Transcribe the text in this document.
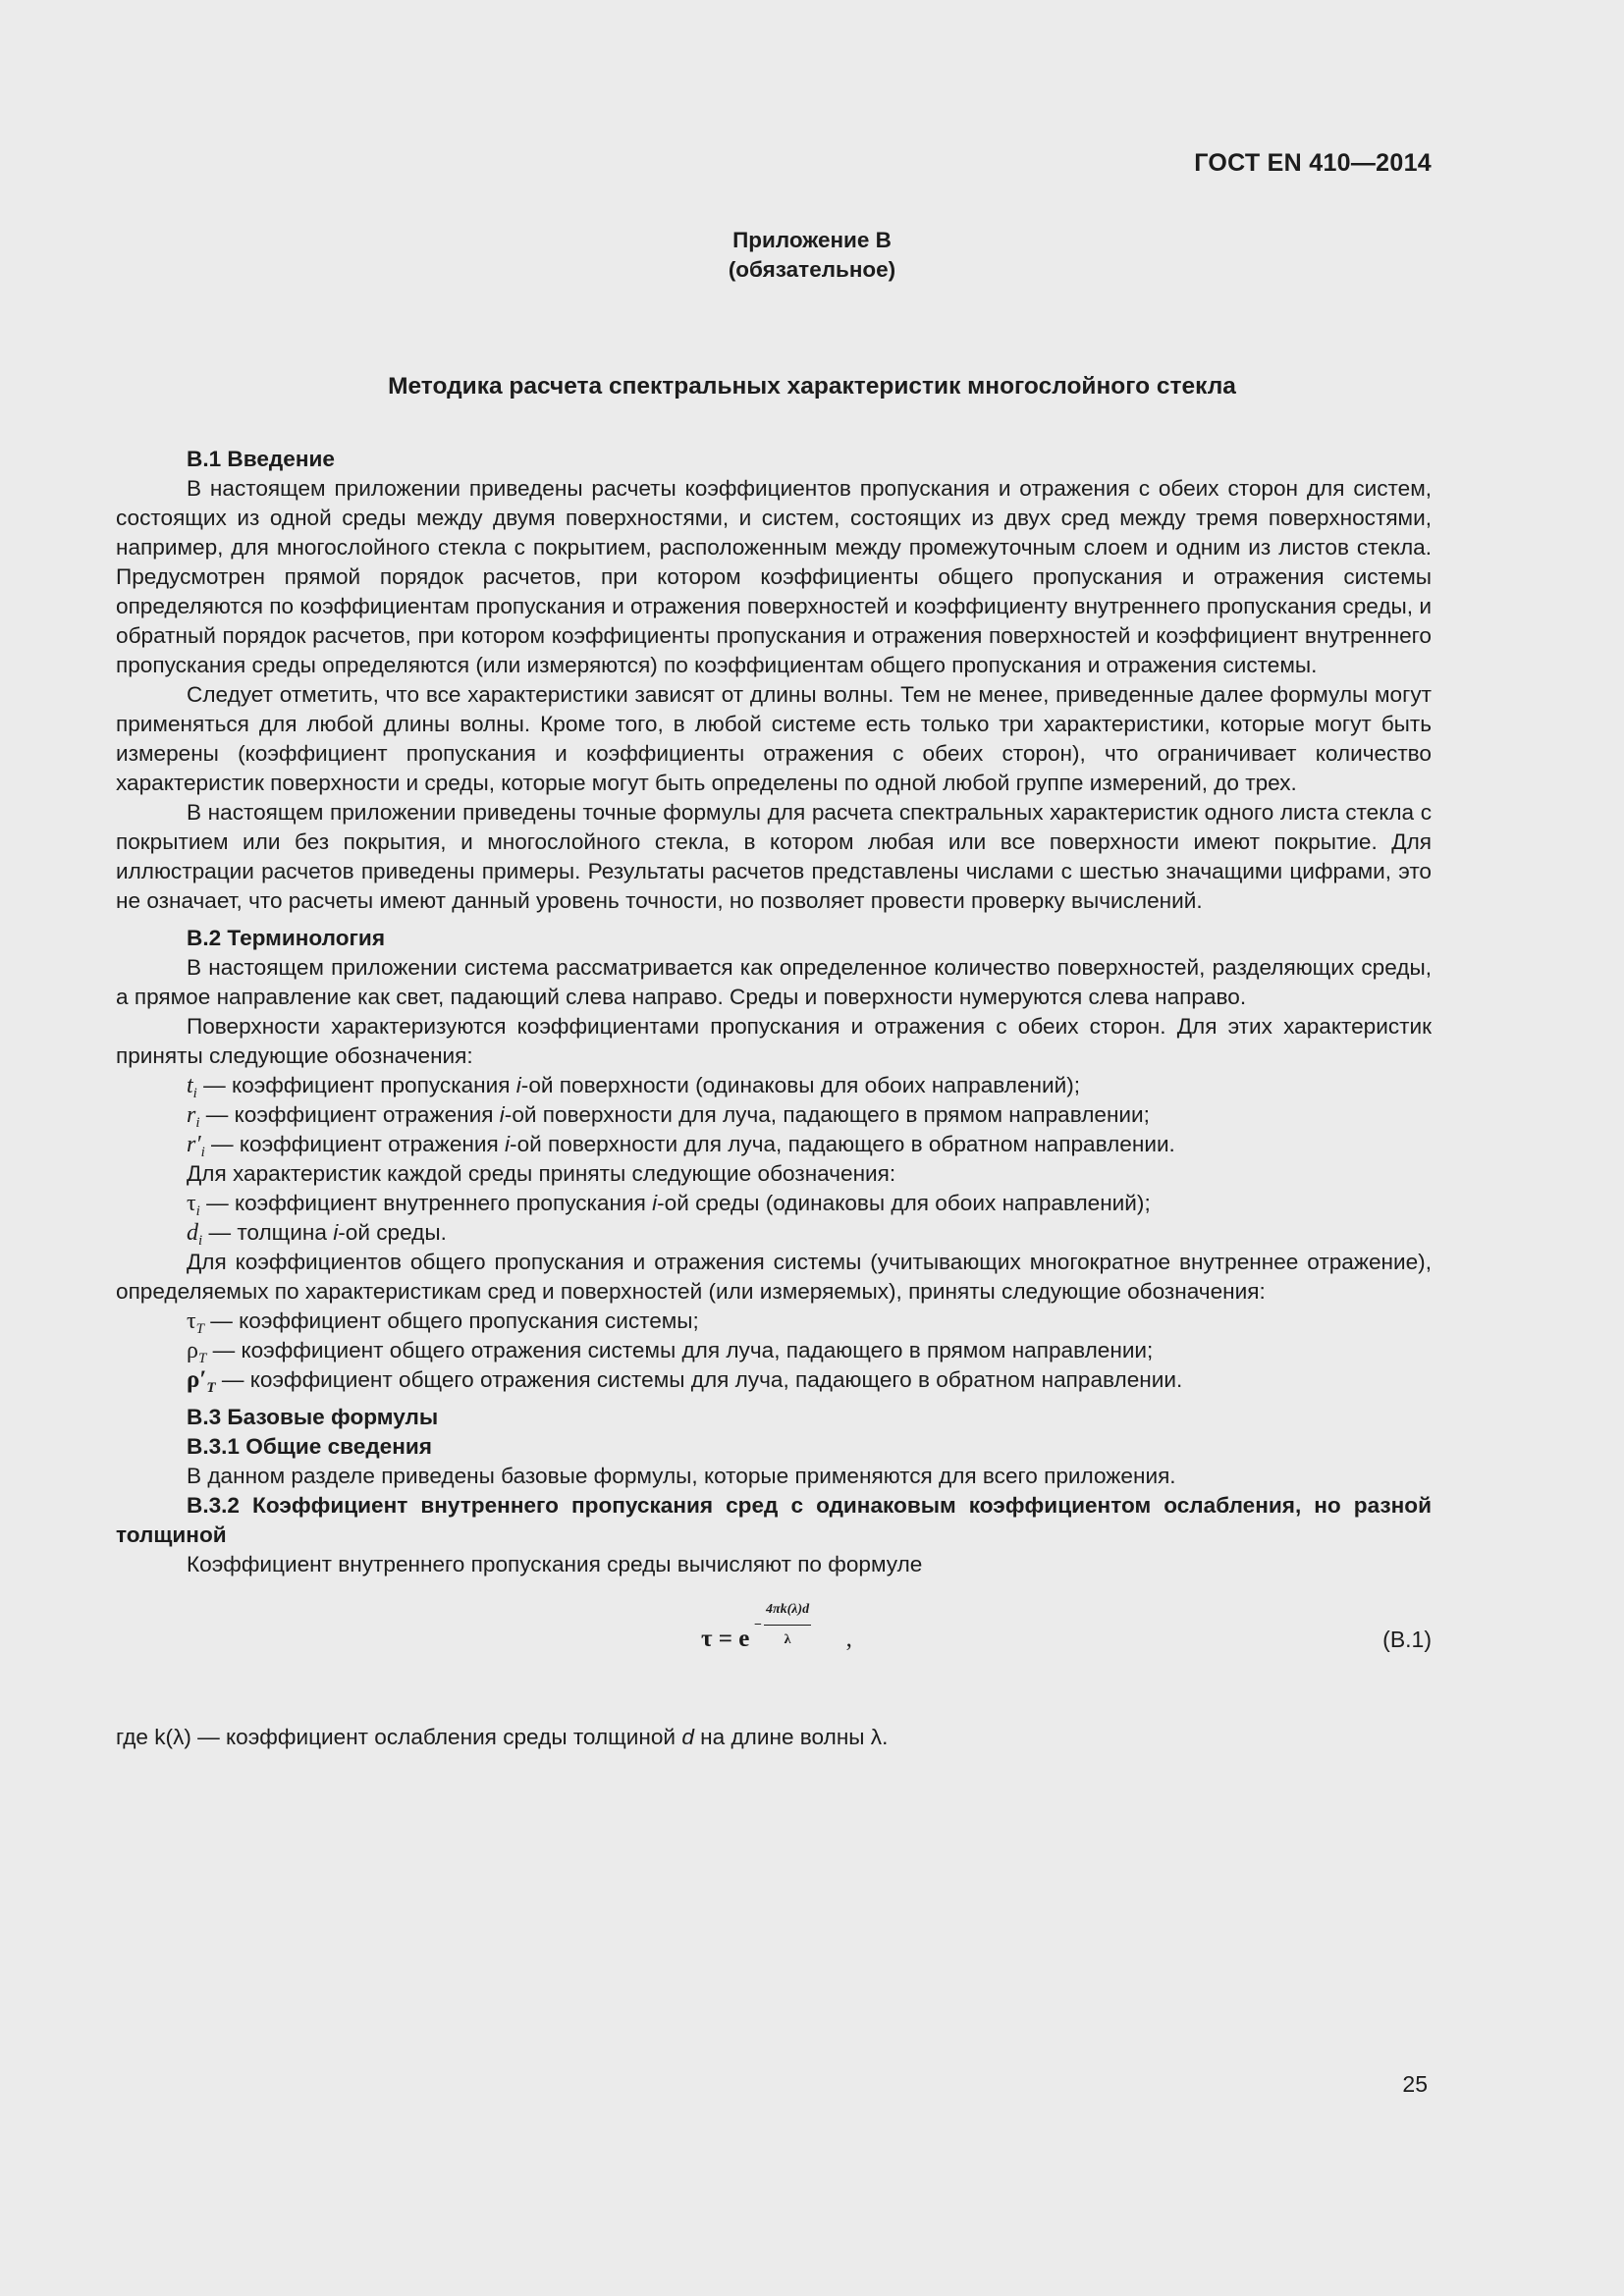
ГОСТ EN 410—2014
Приложение В
(обязательное)
Методика расчета спектральных характеристик многослойного стекла

В.1 Введение

В настоящем приложении приведены расчеты коэффициентов пропускания и отражения с обеих сторон для систем, состоящих из одной среды между двумя поверхностями, и систем, состоящих из двух сред между тремя поверхностями, например, для многослойного стекла с покрытием, расположенным между промежуточным слоем и одним из листов стекла. Предусмотрен прямой порядок расчетов, при котором коэффициенты общего пропускания и отражения системы определяются по коэффициентам пропускания и отражения поверхностей и коэффициенту внутреннего пропускания среды, и обратный порядок расчетов, при котором коэффициенты пропускания и отражения поверхностей и коэффициент внутреннего пропускания среды определяются (или измеряются) по коэффициентам общего пропускания и отражения системы.

Следует отметить, что все характеристики зависят от длины волны. Тем не менее, приведенные далее формулы могут применяться для любой длины волны. Кроме того, в любой системе есть только три характеристики, которые могут быть измерены (коэффициент пропускания и коэффициенты отражения с обеих сторон), что ограничивает количество характеристик поверхности и среды, которые могут быть определены по одной любой группе измерений, до трех.

В настоящем приложении приведены точные формулы для расчета спектральных характеристик одного листа стекла с покрытием или без покрытия, и многослойного стекла, в котором любая или все поверхности имеют покрытие. Для иллюстрации расчетов приведены примеры. Результаты расчетов представлены числами с шестью значащими цифрами, это не означает, что расчеты имеют данный уровень точности, но позволяет провести проверку вычислений.

В.2 Терминология

В настоящем приложении система рассматривается как определенное количество поверхностей, разделяющих среды, а прямое направление как свет, падающий слева направо. Среды и поверхности нумеруются слева направо.

Поверхности характеризуются коэффициентами пропускания и отражения с обеих сторон. Для этих характеристик приняты следующие обозначения:

$t_i$ — коэффициент пропускания i-ой поверхности (одинаковы для обоих направлений);

$r_i$ — коэффициент отражения i-ой поверхности для луча, падающего в прямом направлении;

$r'_i$ — коэффициент отражения i-ой поверхности для луча, падающего в обратном направлении.

Для характеристик каждой среды приняты следующие обозначения:

$\tau_i$ — коэффициент внутреннего пропускания i-ой среды (одинаковы для обоих направлений);

$d_i$ — толщина i-ой среды.

Для коэффициентов общего пропускания и отражения системы (учитывающих многократное внутреннее отражение), определяемых по характеристикам сред и поверхностей (или измеряемых), приняты следующие обозначения:

$\tau_T$ — коэффициент общего пропускания системы;

$\rho_T$ — коэффициент общего отражения системы для луча, падающего в прямом направлении;

$\rho'_T$ — коэффициент общего отражения системы для луча, падающего в обратном направлении.

В.3 Базовые формулы

В.3.1 Общие сведения

В данном разделе приведены базовые формулы, которые применяются для всего приложения.

В.3.2 Коэффициент внутреннего пропускания сред с одинаковым коэффициентом ослабления, но разной толщиной

Коэффициент внутреннего пропускания среды вычисляют по формуле

τ = e
− $\frac{4\pi k(\lambda)d}{\lambda}$ ,	(В.1)

где k(λ) — коэффициент ослабления среды толщиной d на длине волны λ.

25
